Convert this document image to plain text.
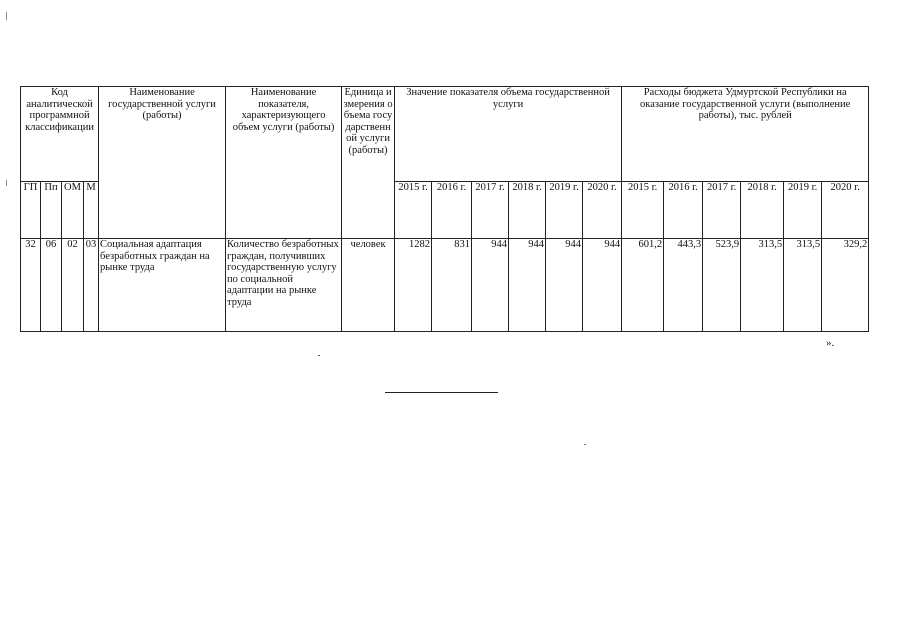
Код аналитической программной классификации				Наименование государственной услуги (работы)	Наименование показателя, характеризующего объем услуги (работы)	Единица измерения объема государственной услуги (работы)	Значение показателя объема государственной услуги						Расходы бюджета Удмуртской Республики на оказание государственной услуги (выполнение работы), тыс. рублей					
ГП	Пп	ОМ	М				2015 г.	2016 г.	2017 г.	2018 г.	2019 г.	2020 г.	2015 г.	2016 г.	2017 г.	2018 г.	2019 г.	2020 г.
32	06	02	03	Социальная адаптация безработных граждан на рынке труда	Количество безработных граждан, получивших государственную услугу по социальной адаптации на рынке труда	человек	1282	831	944	944	944	944	601,2	443,3	523,9	313,5	313,5	329,2
».
